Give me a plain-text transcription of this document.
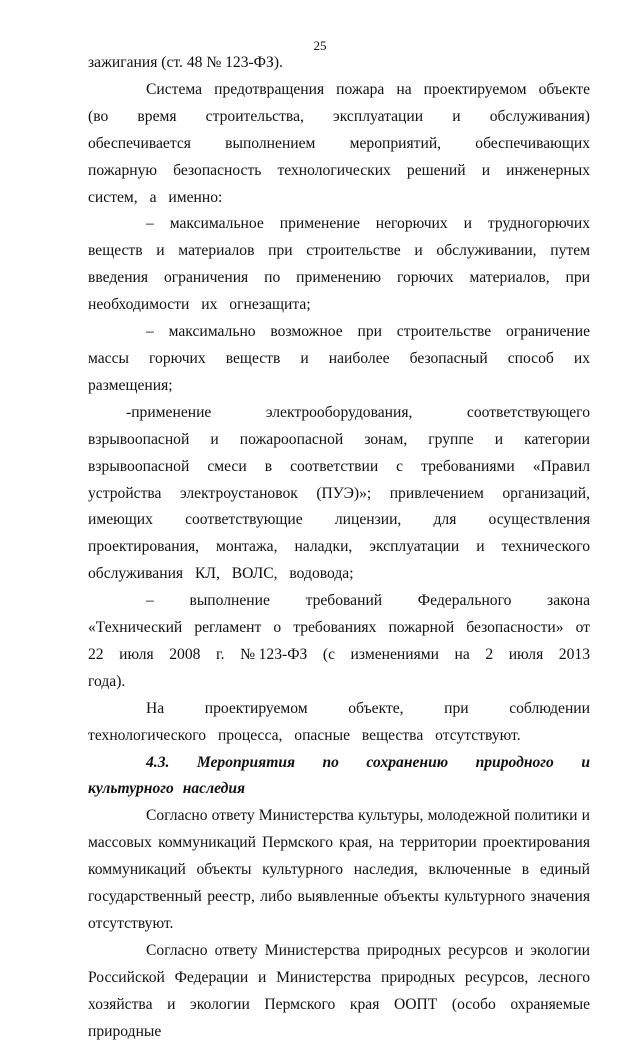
25

зажигания (ст. 48 № 123-ФЗ).

Система предотвращения пожара на проектируемом объекте (во время строительства, эксплуатации и обслуживания) обеспечивается выполнением мероприятий, обеспечивающих пожарную безопасность технологических решений и инженерных систем, а именно:

– максимальное применение негорючих и трудногорючих веществ и материалов при строительстве и обслуживании, путем введения ограничения по применению горючих материалов, при необходимости их огнезащита;

– максимально возможное при строительстве ограничение массы горючих веществ и наиболее безопасный способ их размещения;

-применение электрооборудования, соответствующего взрывоопасной и пожароопасной зонам, группе и категории взрывоопасной смеси в соответствии с требованиями «Правил устройства электроустановок (ПУЭ)»; привлечением организаций, имеющих соответствующие лицензии, для осуществления проектирования, монтажа, наладки, эксплуатации и технического обслуживания КЛ, ВОЛС, водовода;

– выполнение требований Федерального закона «Технический регламент о требованиях пожарной безопасности» от 22 июля 2008 г. №123-ФЗ (с изменениями на 2 июля 2013 года).

На проектируемом объекте, при соблюдении технологического процесса, опасные вещества отсутствуют.

4.3. Мероприятия по сохранению природного и культурного наследия

Согласно ответу Министерства культуры, молодежной политики и массовых коммуникаций Пермского края, на территории проектирования коммуникаций объекты культурного наследия, включенные в единый государственный реестр, либо выявленные объекты культурного значения отсутствуют.

Согласно ответу Министерства природных ресурсов и экологии Российской Федерации и Министерства природных ресурсов, лесного хозяйства и экологии Пермского края ООПТ (особо охраняемые природные
